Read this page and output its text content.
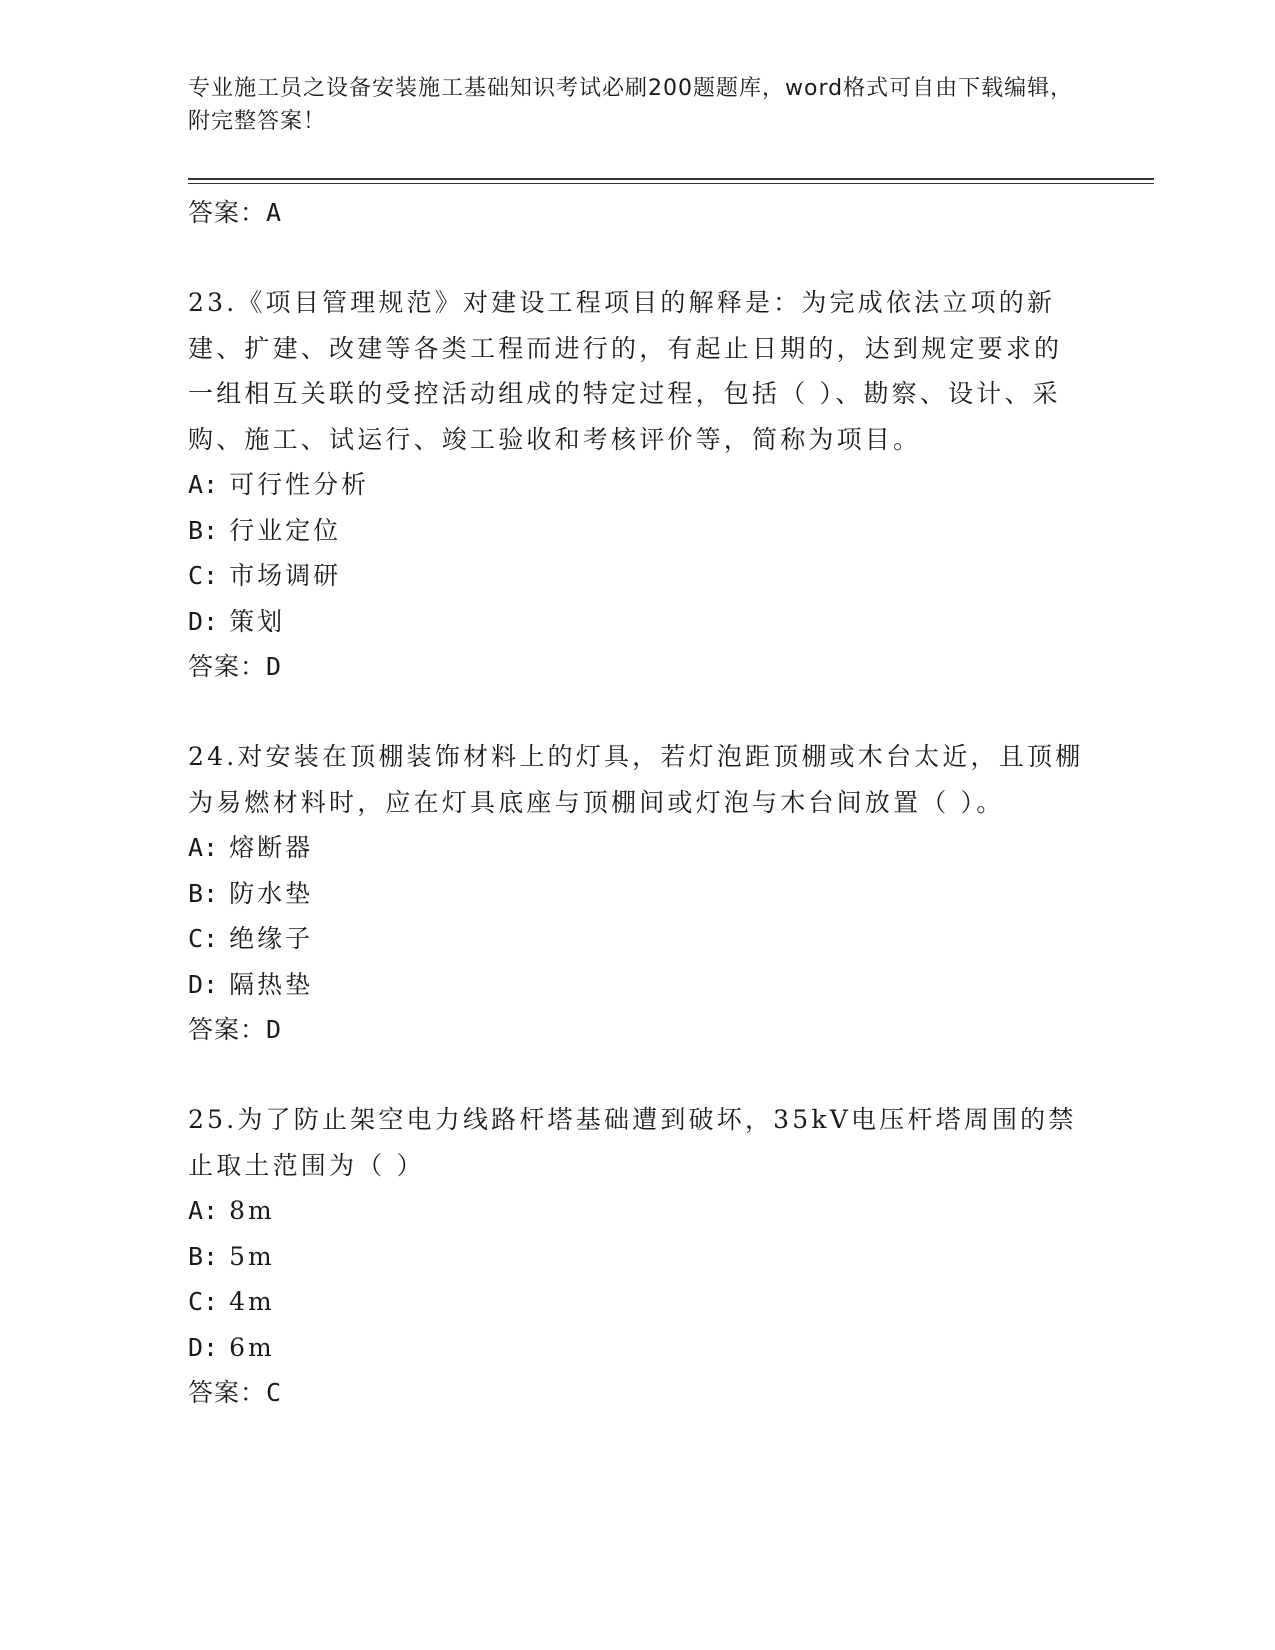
专业施工员之设备安装施工基础知识考试必刷200题题库，word格式可自由下载编辑，附完整答案！
答案：A

23.《项目管理规范》对建设工程项目的解释是：为完成依法立项的新建、扩建、改建等各类工程而进行的，有起止日期的，达到规定要求的一组相互关联的受控活动组成的特定过程，包括（ ）、勘察、设计、采购、施工、试运行、竣工验收和考核评价等，简称为项目。

A: 可行性分析
B: 行业定位
C: 市场调研
D: 策划
答案：D

24.对安装在顶棚装饰材料上的灯具，若灯泡距顶棚或木台太近，且顶棚为易燃材料时，应在灯具底座与顶棚间或灯泡与木台间放置（ ）。

A: 熔断器
B: 防水垫
C: 绝缘子
D: 隔热垫
答案：D

25.为了防止架空电力线路杆塔基础遭到破坏，35kV电压杆塔周围的禁止取土范围为（ ）

A: 8m
B: 5m
C: 4m
D: 6m
答案：C
